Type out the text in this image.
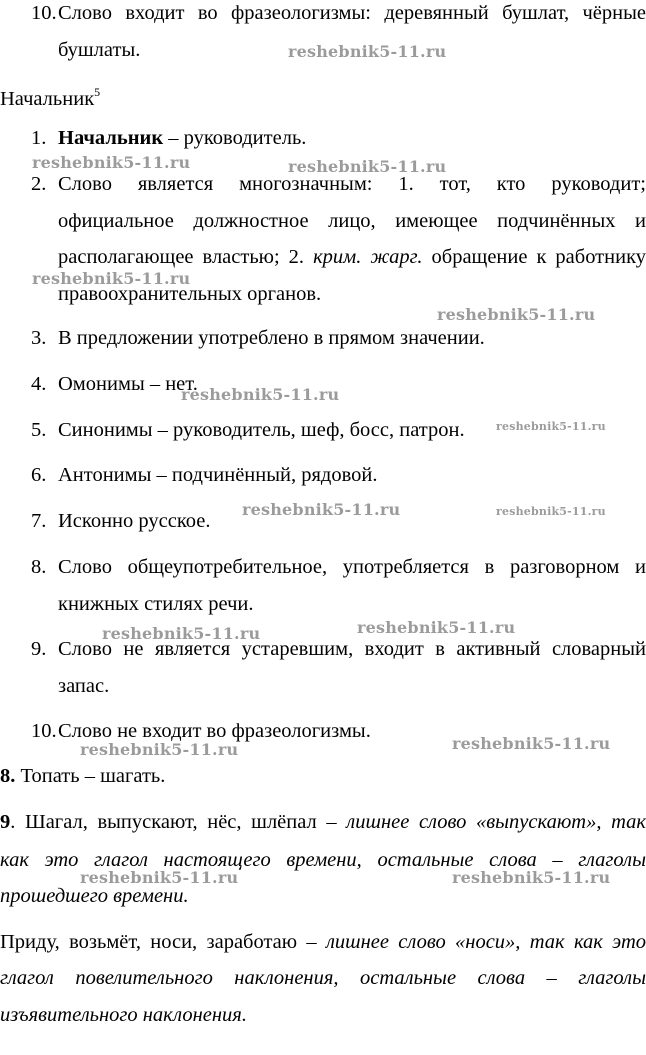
10. Слово входит во фразеологизмы: деревянный бушлат, чёрные
бушлаты.
Начальник$^5$
1. Начальник – руководитель.
2. Слово является многозначным: 1. тот, кто руководит;
официальное должностное лицо, имеющее подчинённых и
располагающее властью; 2. крим. жарг. обращение к работнику
правоохранительных органов.
3. В предложении употреблено в прямом значении.
4. Омонимы – нет.
5. Синонимы – руководитель, шеф, босс, патрон.
6. Антонимы – подчинённый, рядовой.
7. Исконно русское.
8. Слово общеупотребительное, употребляется в разговорном и
книжных стилях речи.
9. Слово не является устаревшим, входит в активный словарный
запас.
10. Слово не входит во фразеологизмы.
8. Топать – шагать.
9. Шагал, выпускают, нёс, шлёпал – лишнее слово «выпускают», так
как это глагол настоящего времени, остальные слова – глаголы
прошедшего времени.
Приду, возьмёт, носи, заработаю – лишнее слово «носи», так как это
глагол повелительного наклонения, остальные слова – глаголы
изъявительного наклонения.
reshebnik5-11.ru
reshebnik5-11.ru	reshebnik5-11.ru
reshebnik5-11.ru
reshebnik5-11.ru
reshebnik5-11.ru
reshebnik5-11.ru
reshebnik5-11.ru	reshebnik5-11.ru
reshebnik5-11.ru
reshebnik5-11.ru
reshebnik5-11.ru	reshebnik5-11.ru
reshebnik5-11.ru	reshebnik5-11.ru
